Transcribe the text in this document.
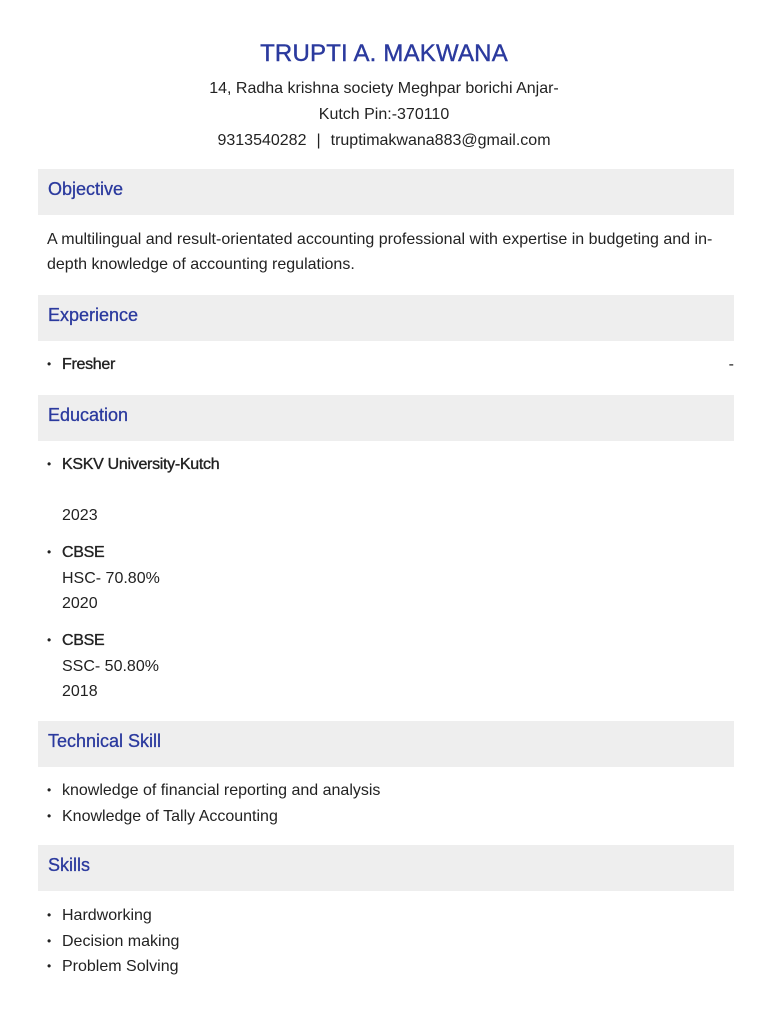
TRUPTI A. MAKWANA

14, Radha krishna society Meghpar borichi Anjar-

Kutch Pin:-370110

9313540282 | truptimakwana883@gmail.com

Objective

A multilingual and result-orientated accounting professional with expertise in budgeting and in-depth knowledge of accounting regulations.

Experience
• Fresher	-
Education
• KSKV University-Kutch
2023
• CBSE
HSC- 70.80%
2020
• CBSE
SSC- 50.80%
2018
Technical Skill
• knowledge of financial reporting and analysis
• Knowledge of Tally Accounting
Skills
• Hardworking
• Decision making
• Problem Solving
